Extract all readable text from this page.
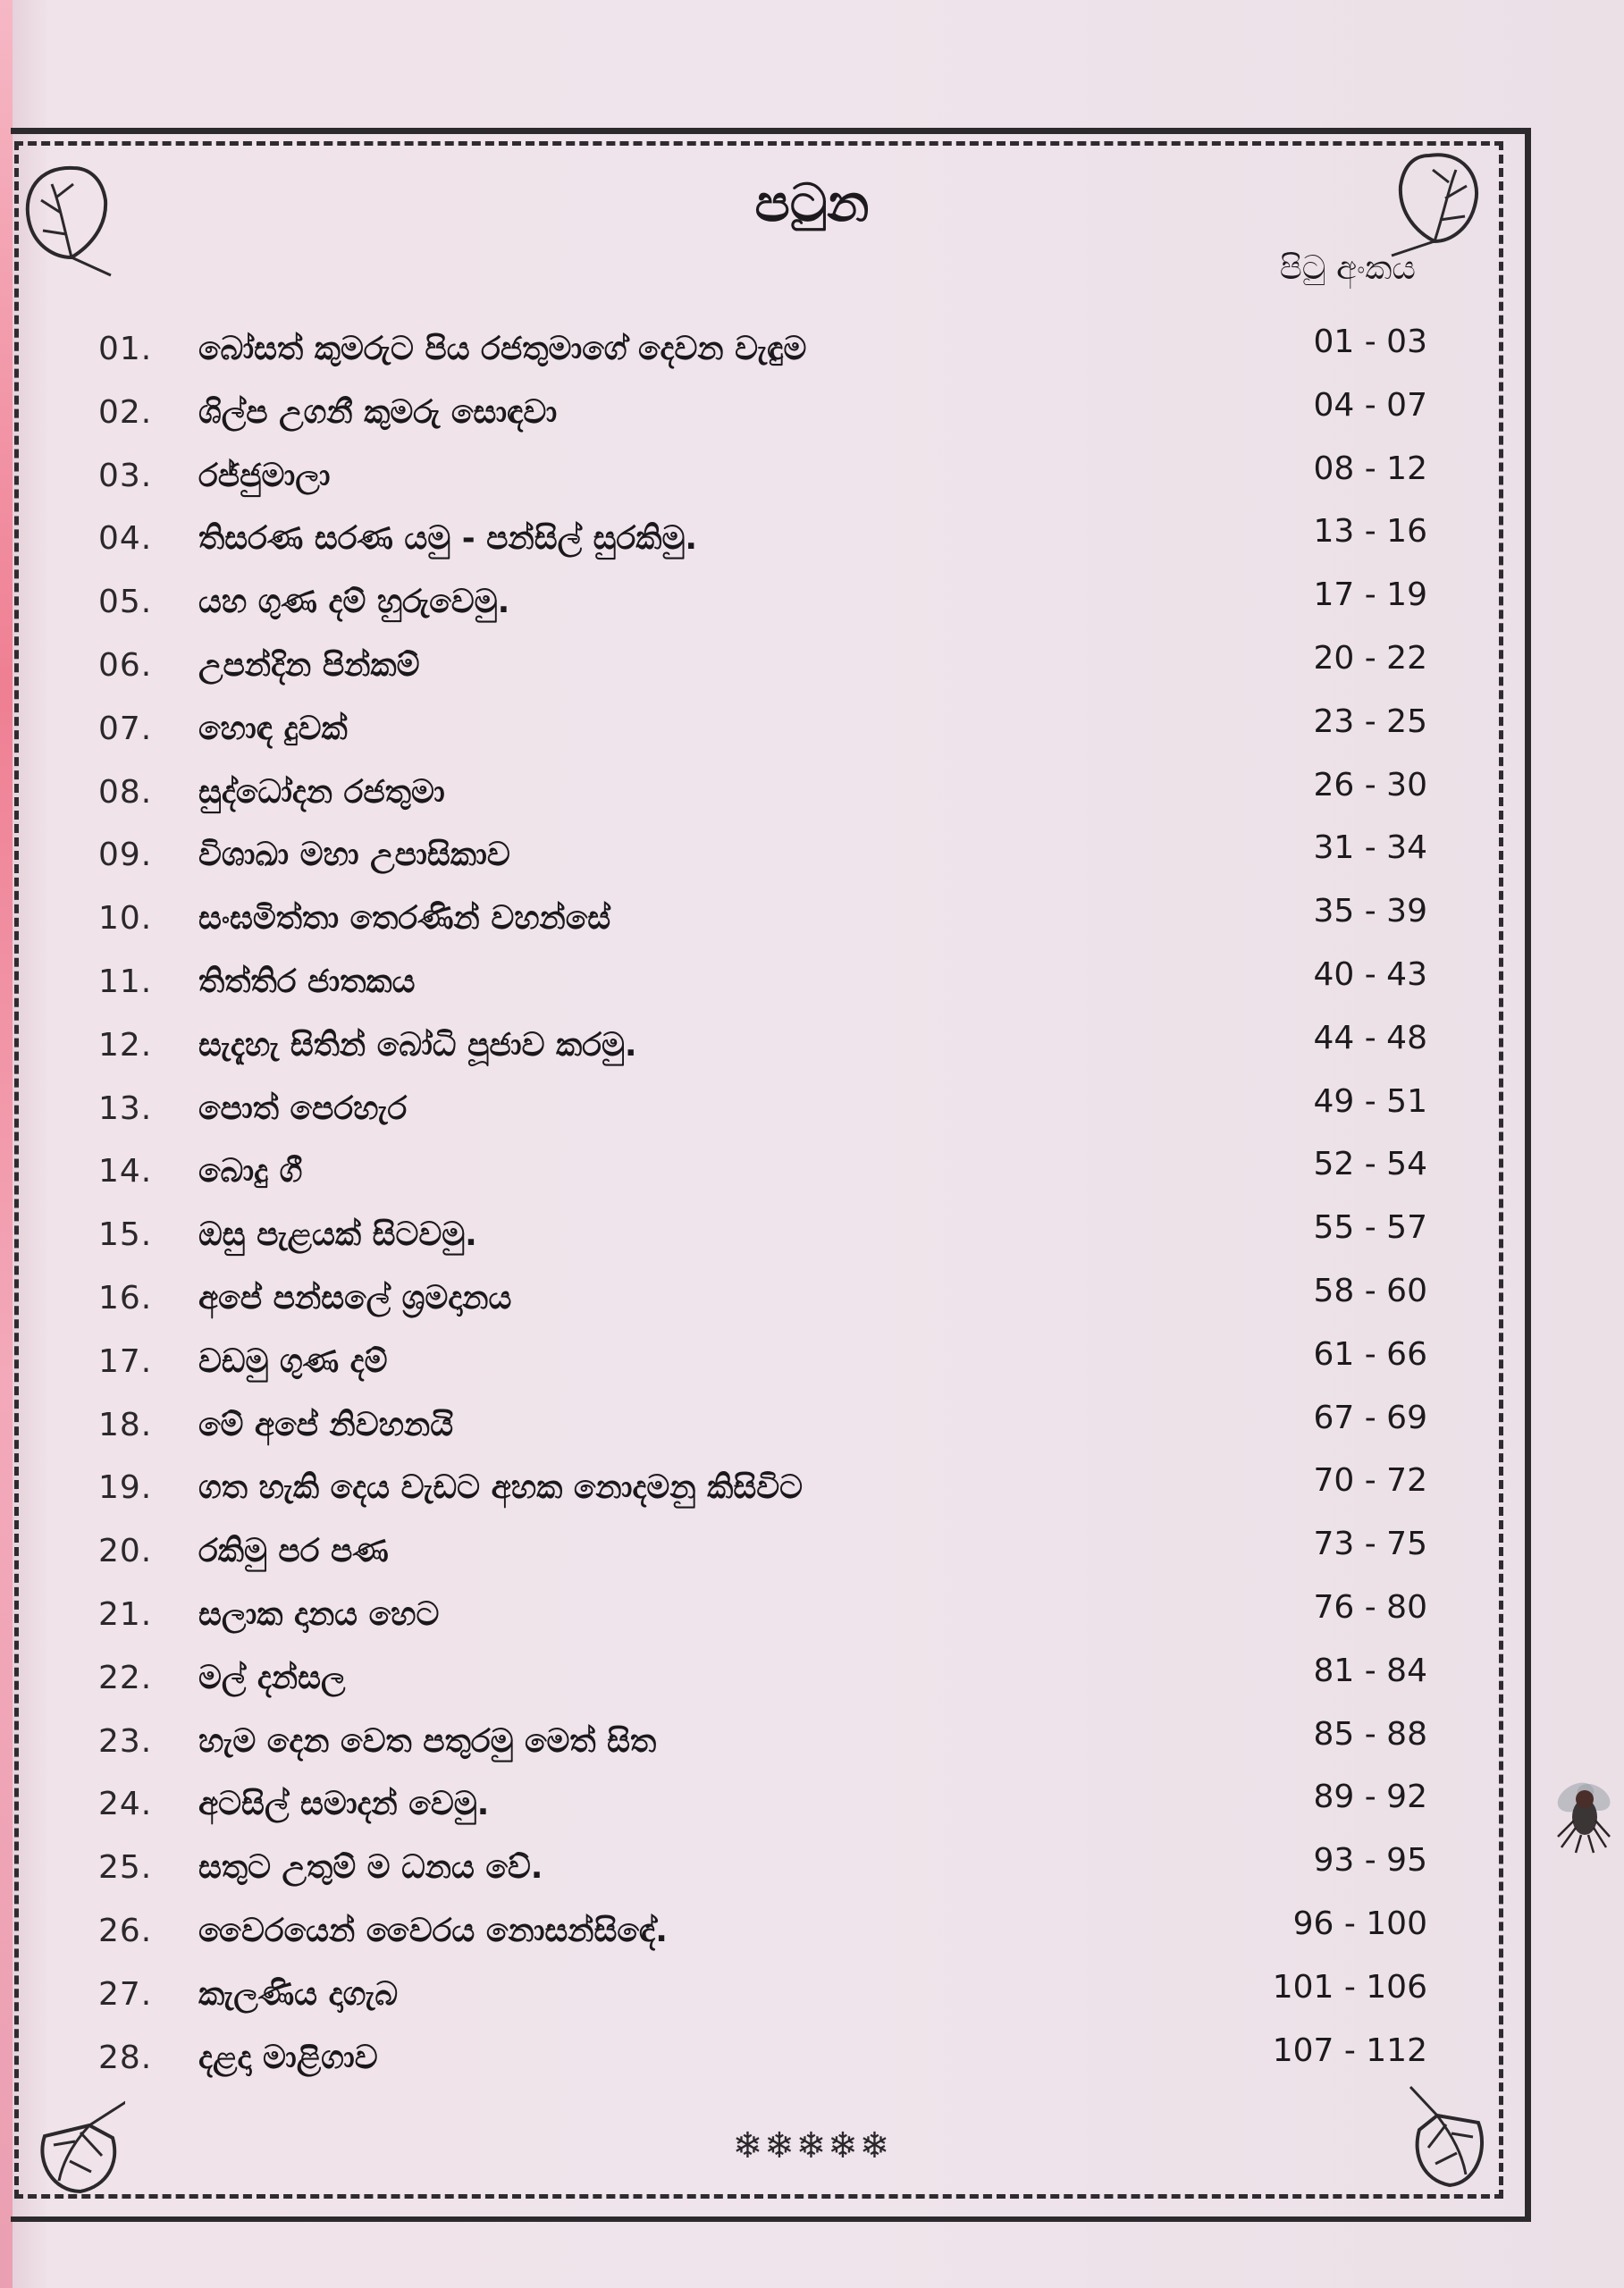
පටුන
පිටු අංකය
01. බෝසත් කුමරුට පිය රජතුමාගේ දෙවන වැඳුම	01 - 03
02. ශිල්ප උගනී කුමරු සොඳවා	04 - 07
03. රජ්ජුමාලා	08 - 12
04. තිසරණ සරණ යමු - පන්සිල් සුරකිමු.	13 - 16
05. යහ ගුණ දම් හුරුවෙමු.	17 - 19
06. උපන්දින පින්කම්	20 - 22
07. හොඳ දුවක්	23 - 25
08. සුද්ධෝදන රජතුමා	26 - 30
09. විශාඛා මහා උපාසිකාව	31 - 34
10. සංඝමිත්තා තෙරණින් වහන්සේ	35 - 39
11. තිත්තිර ජාතකය	40 - 43
12. සැදැහැ සිතින් බෝධි පූජාව කරමු.	44 - 48
13. පොත් පෙරහැර	49 - 51
14. බොදු ගී	52 - 54
15. ඔසු පැළයක් සිටවමු.	55 - 57
16. අපේ පන්සලේ ශ්‍රමදානය	58 - 60
17. වඩමු ගුණ දම්	61 - 66
18. මේ අපේ නිවහනයි	67 - 69
19. ගත හැකි දෙය වැඩට අහක නොදමනු කිසිවිට	70 - 72
20. රකිමු පර පණ	73 - 75
21. සලාක දානය හෙට	76 - 80
22. මල් දන්සල	81 - 84
23. හැම දෙන වෙත පතුරමු මෙත් සිත	85 - 88
24. අටසිල් සමාදන් වෙමු.	89 - 92
25. සතුට උතුම් ම ධනය වේ.	93 - 95
26. වෛරයෙන් වෛරය නොසන්සිඳේ.	96 - 100
27. කැලණිය දාගැබ	101 - 106
28. දළදා මාළිගාව	107 - 112
❄❄❄❄❄
